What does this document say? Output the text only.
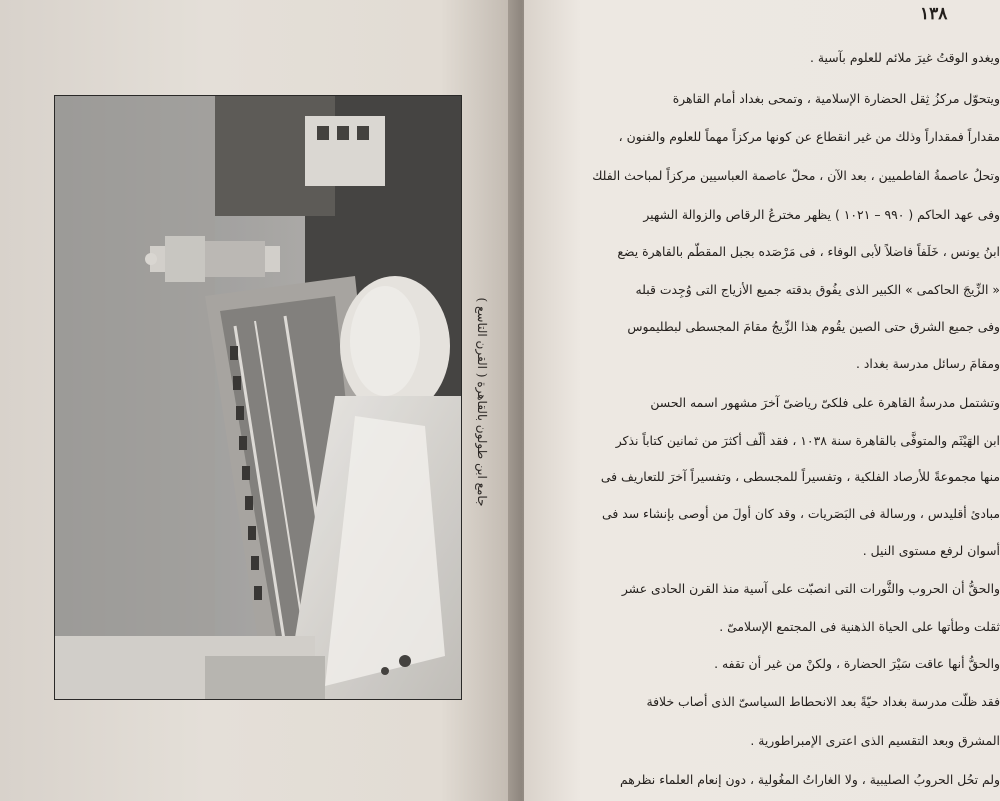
جامع ابن طولون بالقاهرة ( القرن التاسع )
١٣٨
ويغدو الوقتُ غيرَ ملائم للعلوم بآسية .
ويتحوّل مركزُ ثِقل الحضارة الإسلامية ، وتمحى بغداد أمام القاهرة
مقداراً فمقداراً وذلك من غير انقطاع عن كونها مركزاً مهماً للعلوم والفنون ،
وتحلُ عاصمةُ الفاطميين ، بعد الآن ، محلّ عاصمة العباسيين مركزاً لمباحث الفلك
وفى عهد الحاكم ( ٩٩٠ – ١٠٢١ ) يظهر مخترعُ الرقاص والزوالة الشهير
ابنُ يونس ، خَلَفاً فاضلاً لأبى الوفاء ، فى مَرْصَده بجبل المقطّم بالقاهرة يضع
« الزِّيجَ الحاكمى » الكبير الذى يفُوق بدقته جميع الأزياج التى وُجِدت قبله
وفى جميع الشرق حتى الصين يقُوم هذا الزِّيجُ مقامَ المجسطى لبطليموس
ومقامَ رسائل مدرسة بغداد .
وتشتمل مدرسةُ القاهرة على فلكىّ رياضىّ آخرَ مشهور اسمه الحسن
ابن الهَيْثَم والمتوفَّى بالقاهرة سنة ١٠٣٨ ، فقد ألّف أكثرَ من ثمانين كتاباً نذكر
منها مجموعةً للأرصاد الفلكية ، وتفسيراً للمجسطى ، وتفسيراً آخرَ للتعاريف فى
مبادئ أقليدس ، ورسالة فى البَصَريات ، وقد كان أولَ من أوصى بإنشاء سد فى
أسوان لرفع مستوى النيل .
والحقُّ أن الحروب والثَّورات التى انصبّت على آسية منذ القرن الحادى عشر
ثقلت وطأتها على الحياة الذهنية فى المجتمع الإسلامىّ .
والحقُّ أنها عاقت سَيْرَ الحضارة ، ولكنْ من غير أن تقفه .
فقد ظلّت مدرسة بغداد حيّةً بعد الانحطاط السياسىّ الذى أصاب خلافة
المشرق وبعد التقسيم الذى اعترى الإمبراطورية .
ولم تحُل الحروبُ الصليبية ، ولا الغاراتُ المغُولية ، دون إنعام العلماء نظرهم
